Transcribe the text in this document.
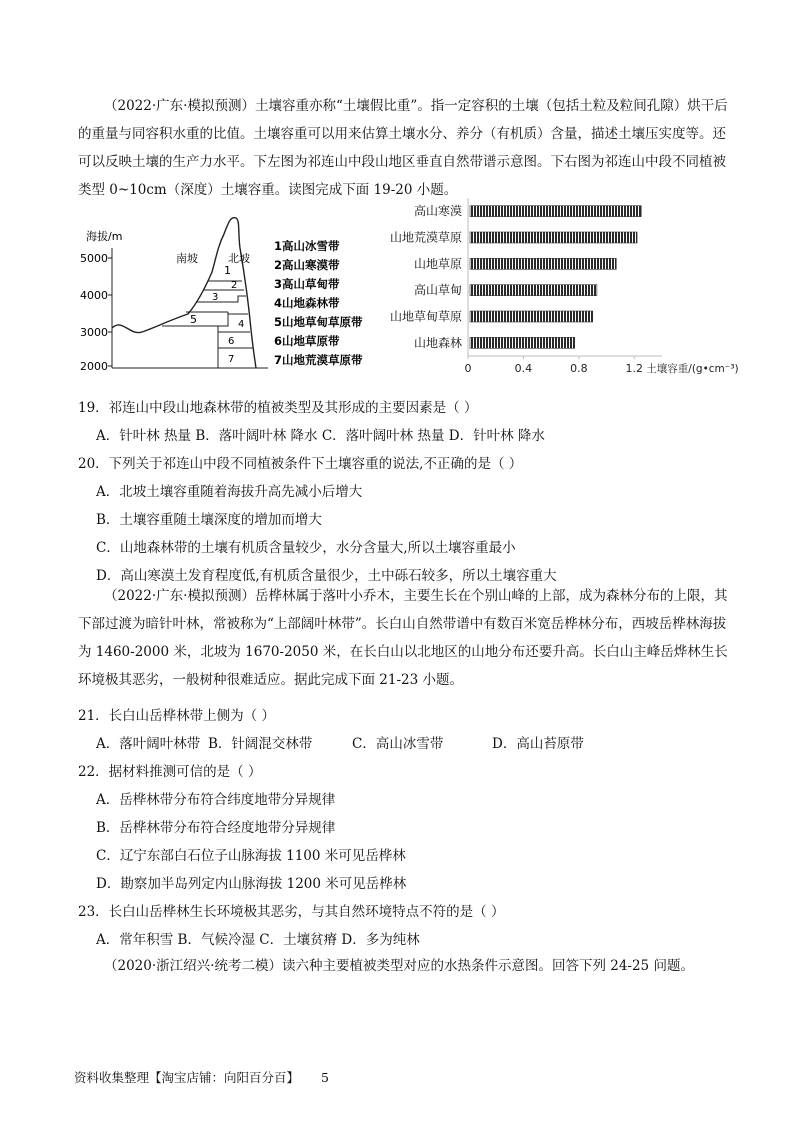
（2022·广东·模拟预测）土壤容重亦称“土壤假比重”。指一定容积的土壤（包括土粒及粒间孔隙）烘干后的重量与同容积水重的比值。土壤容重可以用来估算土壤水分、养分（有机质）含量，描述土壤压实度等。还可以反映土壤的生产力水平。下左图为祁连山中段山地区垂直自然带谱示意图。下右图为祁连山中段不同植被类型 0~10cm（深度）土壤容重。读图完成下面 19-20 小题。
海拔/m
5000
4000
3000
2000
南坡	北坡
1
2
3
4
5
6
7
1高山冰雪带
2高山寒漠带
3高山草甸带
4山地森林带
5山地草甸草原带
6山地草原带
7山地荒漠草原带
高山寒漠
山地荒漠草原
山地草原
高山草甸
山地草甸草原
山地森林
0	0.4	0.8	1.2 土壤容重/(g•cm⁻³)
19．祁连山中段山地森林带的植被类型及其形成的主要因素是（ ）
A．针叶林 热量 B．落叶阔叶林 降水 C．落叶阔叶林 热量 D．针叶林 降水
20．下列关于祁连山中段不同植被条件下土壤容重的说法,不正确的是（ ）
A．北坡土壤容重随着海拔升高先减小后增大
B．土壤容重随土壤深度的增加而增大
C．山地森林带的土壤有机质含量较少，水分含量大,所以土壤容重最小
D．高山寒漠土发育程度低,有机质含量很少，土中砾石较多，所以土壤容重大
（2022·广东·模拟预测）岳桦林属于落叶小乔木，主要生长在个别山峰的上部，成为森林分布的上限，其下部过渡为暗针叶林，常被称为“上部阔叶林带”。长白山自然带谱中有数百米宽岳桦林分布，西坡岳桦林海拔为 1460-2000 米，北坡为 1670-2050 米，在长白山以北地区的山地分布还要升高。长白山主峰岳烨林生长环境极其恶劣，一般树种很难适应。据此完成下面 21-23 小题。
21．长白山岳桦林带上侧为（ ）
A．落叶阔叶林带 B．针阔混交林带	C．高山冰雪带	D．高山苔原带
22．据材料推测可信的是（ ）
A．岳桦林带分布符合纬度地带分异规律
B．岳桦林带分布符合经度地带分异规律
C．辽宁东部白石位子山脉海拔 1100 米可见岳桦林
D．勘察加半岛列定内山脉海拔 1200 米可见岳桦林
23．长白山岳桦林生长环境极其恶劣，与其自然环境特点不符的是（ ）
A．常年积雪 B．气候冷湿 C．土壤贫瘠 D．多为纯林
（2020·浙江绍兴·统考二模）读六种主要植被类型对应的水热条件示意图。回答下列 24-25 问题。
资料收集整理【淘宝店铺：向阳百分百】 5
